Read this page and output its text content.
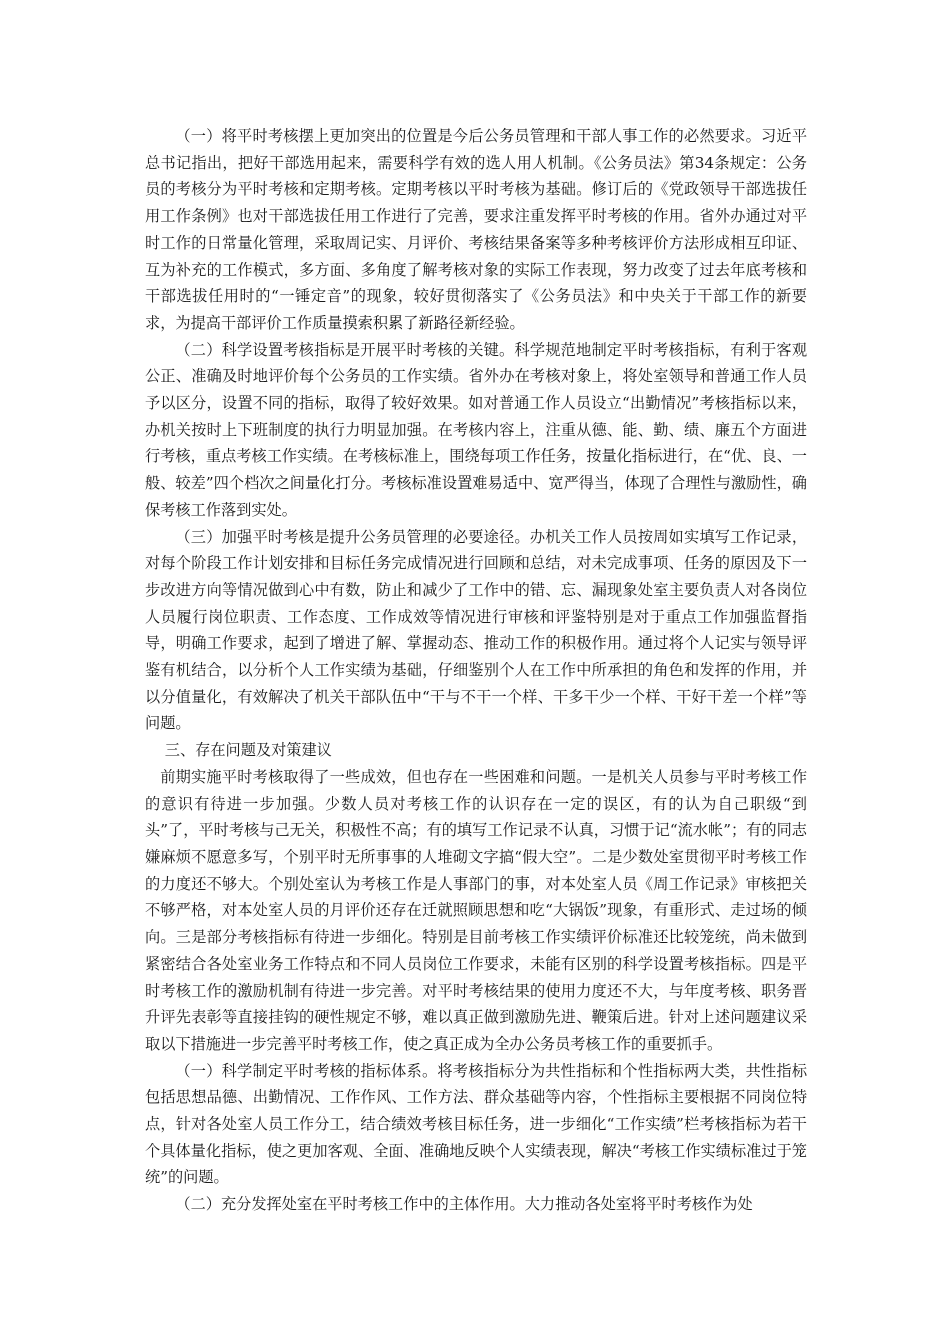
（一）将平时考核摆上更加突出的位置是今后公务员管理和干部人事工作的必然要求。习近平总书记指出，把好干部选用起来，需要科学有效的选人用人机制。《公务员法》第34条规定：公务员的考核分为平时考核和定期考核。定期考核以平时考核为基础。修订后的《党政领导干部选拔任用工作条例》也对干部选拔任用工作进行了完善，要求注重发挥平时考核的作用。省外办通过对平时工作的日常量化管理，采取周记实、月评价、考核结果备案等多种考核评价方法形成相互印证、互为补充的工作模式，多方面、多角度了解考核对象的实际工作表现，努力改变了过去年底考核和干部选拔任用时的“一锤定音”的现象，较好贯彻落实了《公务员法》和中央关于干部工作的新要求，为提高干部评价工作质量摸索积累了新路径新经验。

（二）科学设置考核指标是开展平时考核的关键。科学规范地制定平时考核指标，有利于客观公正、准确及时地评价每个公务员的工作实绩。省外办在考核对象上，将处室领导和普通工作人员予以区分，设置不同的指标，取得了较好效果。如对普通工作人员设立“出勤情况”考核指标以来，办机关按时上下班制度的执行力明显加强。在考核内容上，注重从德、能、勤、绩、廉五个方面进行考核，重点考核工作实绩。在考核标准上，围绕每项工作任务，按量化指标进行，在“优、良、一般、较差”四个档次之间量化打分。考核标准设置难易适中、宽严得当，体现了合理性与激励性，确保考核工作落到实处。

（三）加强平时考核是提升公务员管理的必要途径。办机关工作人员按周如实填写工作记录，对每个阶段工作计划安排和目标任务完成情况进行回顾和总结，对未完成事项、任务的原因及下一步改进方向等情况做到心中有数，防止和减少了工作中的错、忘、漏现象处室主要负责人对各岗位人员履行岗位职责、工作态度、工作成效等情况进行审核和评鉴特别是对于重点工作加强监督指导，明确工作要求，起到了增进了解、掌握动态、推动工作的积极作用。通过将个人记实与领导评鉴有机结合，以分析个人工作实绩为基础，仔细鉴别个人在工作中所承担的角色和发挥的作用，并以分值量化，有效解决了机关干部队伍中“干与不干一个样、干多干少一个样、干好干差一个样”等问题。

三、存在问题及对策建议

前期实施平时考核取得了一些成效，但也存在一些困难和问题。一是机关人员参与平时考核工作的意识有待进一步加强。少数人员对考核工作的认识存在一定的误区，有的认为自己职级“到头”了，平时考核与己无关，积极性不高；有的填写工作记录不认真，习惯于记“流水帐”；有的同志嫌麻烦不愿意多写，个别平时无所事事的人堆砌文字搞“假大空”。二是少数处室贯彻平时考核工作的力度还不够大。个别处室认为考核工作是人事部门的事，对本处室人员《周工作记录》审核把关不够严格，对本处室人员的月评价还存在迁就照顾思想和吃“大锅饭”现象，有重形式、走过场的倾向。三是部分考核指标有待进一步细化。特别是目前考核工作实绩评价标准还比较笼统，尚未做到紧密结合各处室业务工作特点和不同人员岗位工作要求，未能有区别的科学设置考核指标。四是平时考核工作的激励机制有待进一步完善。对平时考核结果的使用力度还不大，与年度考核、职务晋升评先表彰等直接挂钩的硬性规定不够，难以真正做到激励先进、鞭策后进。针对上述问题建议采取以下措施进一步完善平时考核工作，使之真正成为全办公务员考核工作的重要抓手。

（一）科学制定平时考核的指标体系。将考核指标分为共性指标和个性指标两大类，共性指标包括思想品德、出勤情况、工作作风、工作方法、群众基础等内容，个性指标主要根据不同岗位特点，针对各处室人员工作分工，结合绩效考核目标任务，进一步细化“工作实绩”栏考核指标为若干个具体量化指标，使之更加客观、全面、准确地反映个人实绩表现，解决“考核工作实绩标准过于笼统”的问题。

（二）充分发挥处室在平时考核工作中的主体作用。大力推动各处室将平时考核作为处
